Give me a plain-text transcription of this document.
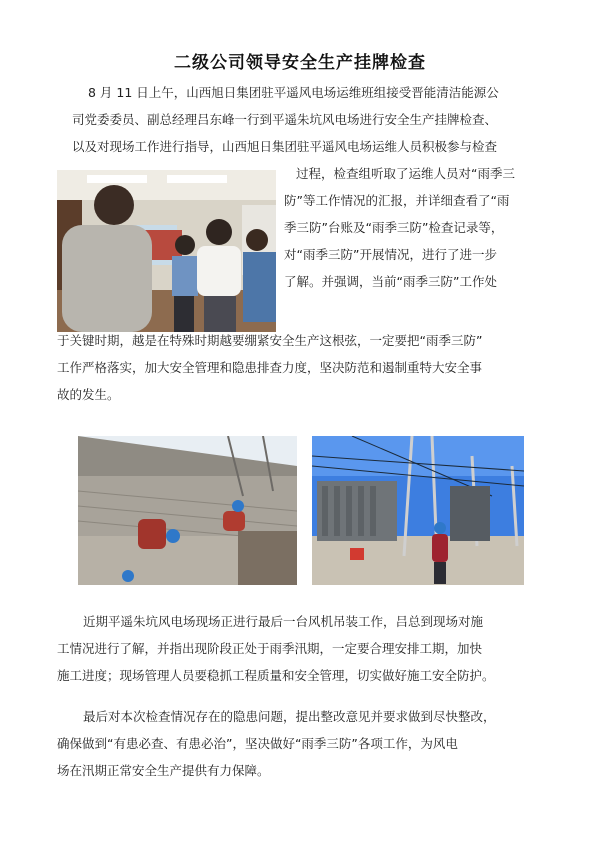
二级公司领导安全生产挂牌检查
8 月 11 日上午，山西旭日集团驻平遥风电场运维班组接受晋能清洁能源公
司党委委员、副总经理吕东峰一行到平遥朱坑风电场进行安全生产挂牌检查、
以及对现场工作进行指导，山西旭日集团驻平遥风电场运维人员积极参与检查
过程，检查组听取了运维人员对“雨季三
防”等工作情况的汇报，并详细查看了“雨
季三防”台账及“雨季三防”检查记录等，
对“雨季三防”开展情况，进行了进一步
了解。并强调，当前“雨季三防”工作处
于关键时期，越是在特殊时期越要绷紧安全生产这根弦，一定要把“雨季三防”
工作严格落实，加大安全管理和隐患排查力度，坚决防范和遏制重特大安全事
故的发生。
近期平遥朱坑风电场现场正进行最后一台风机吊装工作，吕总到现场对施
工情况进行了解，并指出现阶段正处于雨季汛期，一定要合理安排工期，加快
施工进度；现场管理人员要稳抓工程质量和安全管理，切实做好施工安全防护。
最后对本次检查情况存在的隐患问题，提出整改意见并要求做到尽快整改，
确保做到“有患必查、有患必治”，坚决做好“雨季三防”各项工作，为风电
场在汛期正常安全生产提供有力保障。
